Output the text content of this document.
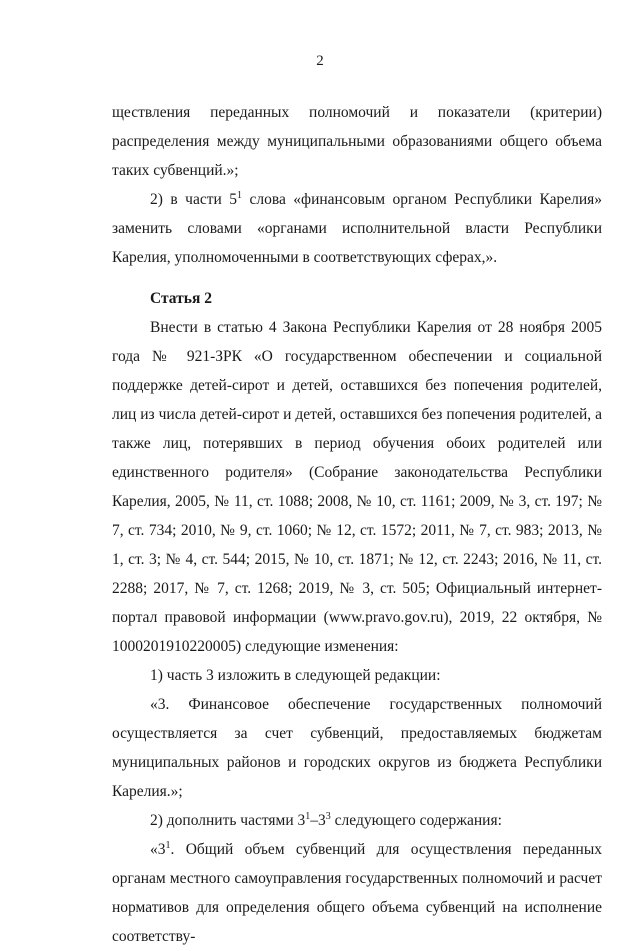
2

ществления переданных полномочий и показатели (критерии) распределения между муниципальными образованиями общего объема таких субвенций.»;

2) в части $5^1$ слова «финансовым органом Республики Карелия» заменить словами «органами исполнительной власти Республики Карелия, уполномоченными в соответствующих сферах,».

Статья 2

Внести в статью 4 Закона Республики Карелия от 28 ноября 2005 года № 921-ЗРК «О государственном обеспечении и социальной поддержке детей-сирот и детей, оставшихся без попечения родителей, лиц из числа детей-сирот и детей, оставшихся без попечения родителей, а также лиц, потерявших в период обучения обоих родителей или единственного родителя» (Собрание законодательства Республики Карелия, 2005, № 11, ст. 1088; 2008, № 10, ст. 1161; 2009, № 3, ст. 197; № 7, ст. 734; 2010, № 9, ст. 1060; № 12, ст. 1572; 2011, № 7, ст. 983; 2013, № 1, ст. 3; № 4, ст. 544; 2015, № 10, ст. 1871; № 12, ст. 2243; 2016, № 11, ст. 2288; 2017, № 7, ст. 1268; 2019, № 3, ст. 505; Официальный интернет-портал правовой информации (www.pravo.gov.ru), 2019, 22 октября, № 1000201910220005) следующие изменения:

1) часть 3 изложить в следующей редакции:

«3. Финансовое обеспечение государственных полномочий осуществляется за счет субвенций, предоставляемых бюджетам муниципальных районов и городских округов из бюджета Республики Карелия.»;

2) дополнить частями $3^1-3^3$ следующего содержания:

«$3^1$. Общий объем субвенций для осуществления переданных органам местного самоуправления государственных полномочий и расчет нормативов для определения общего объема субвенций на исполнение соответству-
